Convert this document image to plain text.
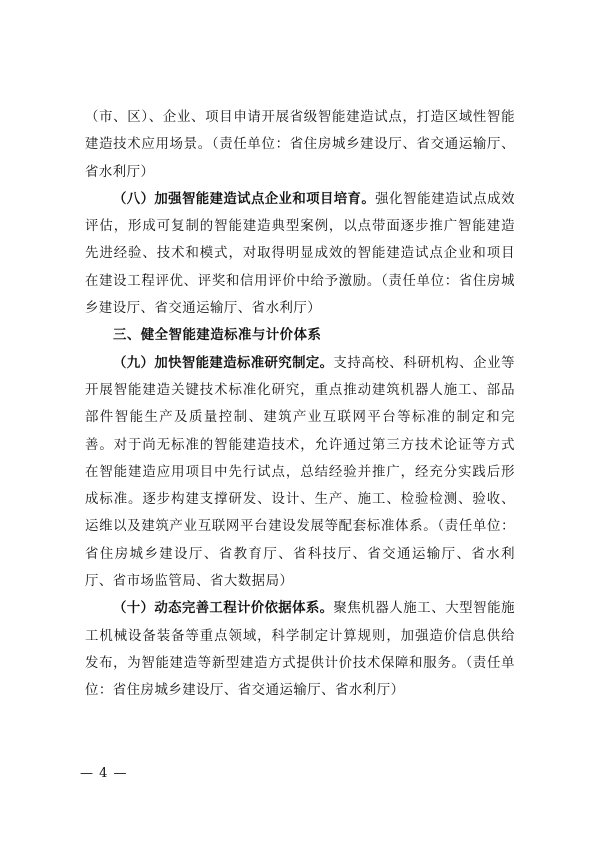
（市、区）、企业、项目申请开展省级智能建造试点，打造区域性智能建造技术应用场景。（责任单位：省住房城乡建设厅、省交通运输厅、省水利厅）

（八）加强智能建造试点企业和项目培育。强化智能建造试点成效评估，形成可复制的智能建造典型案例，以点带面逐步推广智能建造先进经验、技术和模式，对取得明显成效的智能建造试点企业和项目在建设工程评优、评奖和信用评价中给予激励。（责任单位：省住房城乡建设厅、省交通运输厅、省水利厅）

三、健全智能建造标准与计价体系

（九）加快智能建造标准研究制定。支持高校、科研机构、企业等开展智能建造关键技术标准化研究，重点推动建筑机器人施工、部品部件智能生产及质量控制、建筑产业互联网平台等标准的制定和完善。对于尚无标准的智能建造技术，允许通过第三方技术论证等方式在智能建造应用项目中先行试点，总结经验并推广，经充分实践后形成标准。逐步构建支撑研发、设计、生产、施工、检验检测、验收、运维以及建筑产业互联网平台建设发展等配套标准体系。（责任单位：省住房城乡建设厅、省教育厅、省科技厅、省交通运输厅、省水利厅、省市场监管局、省大数据局）

（十）动态完善工程计价依据体系。聚焦机器人施工、大型智能施工机械设备装备等重点领域，科学制定计算规则，加强造价信息供给发布，为智能建造等新型建造方式提供计价技术保障和服务。（责任单位：省住房城乡建设厅、省交通运输厅、省水利厅）

— 4 —
